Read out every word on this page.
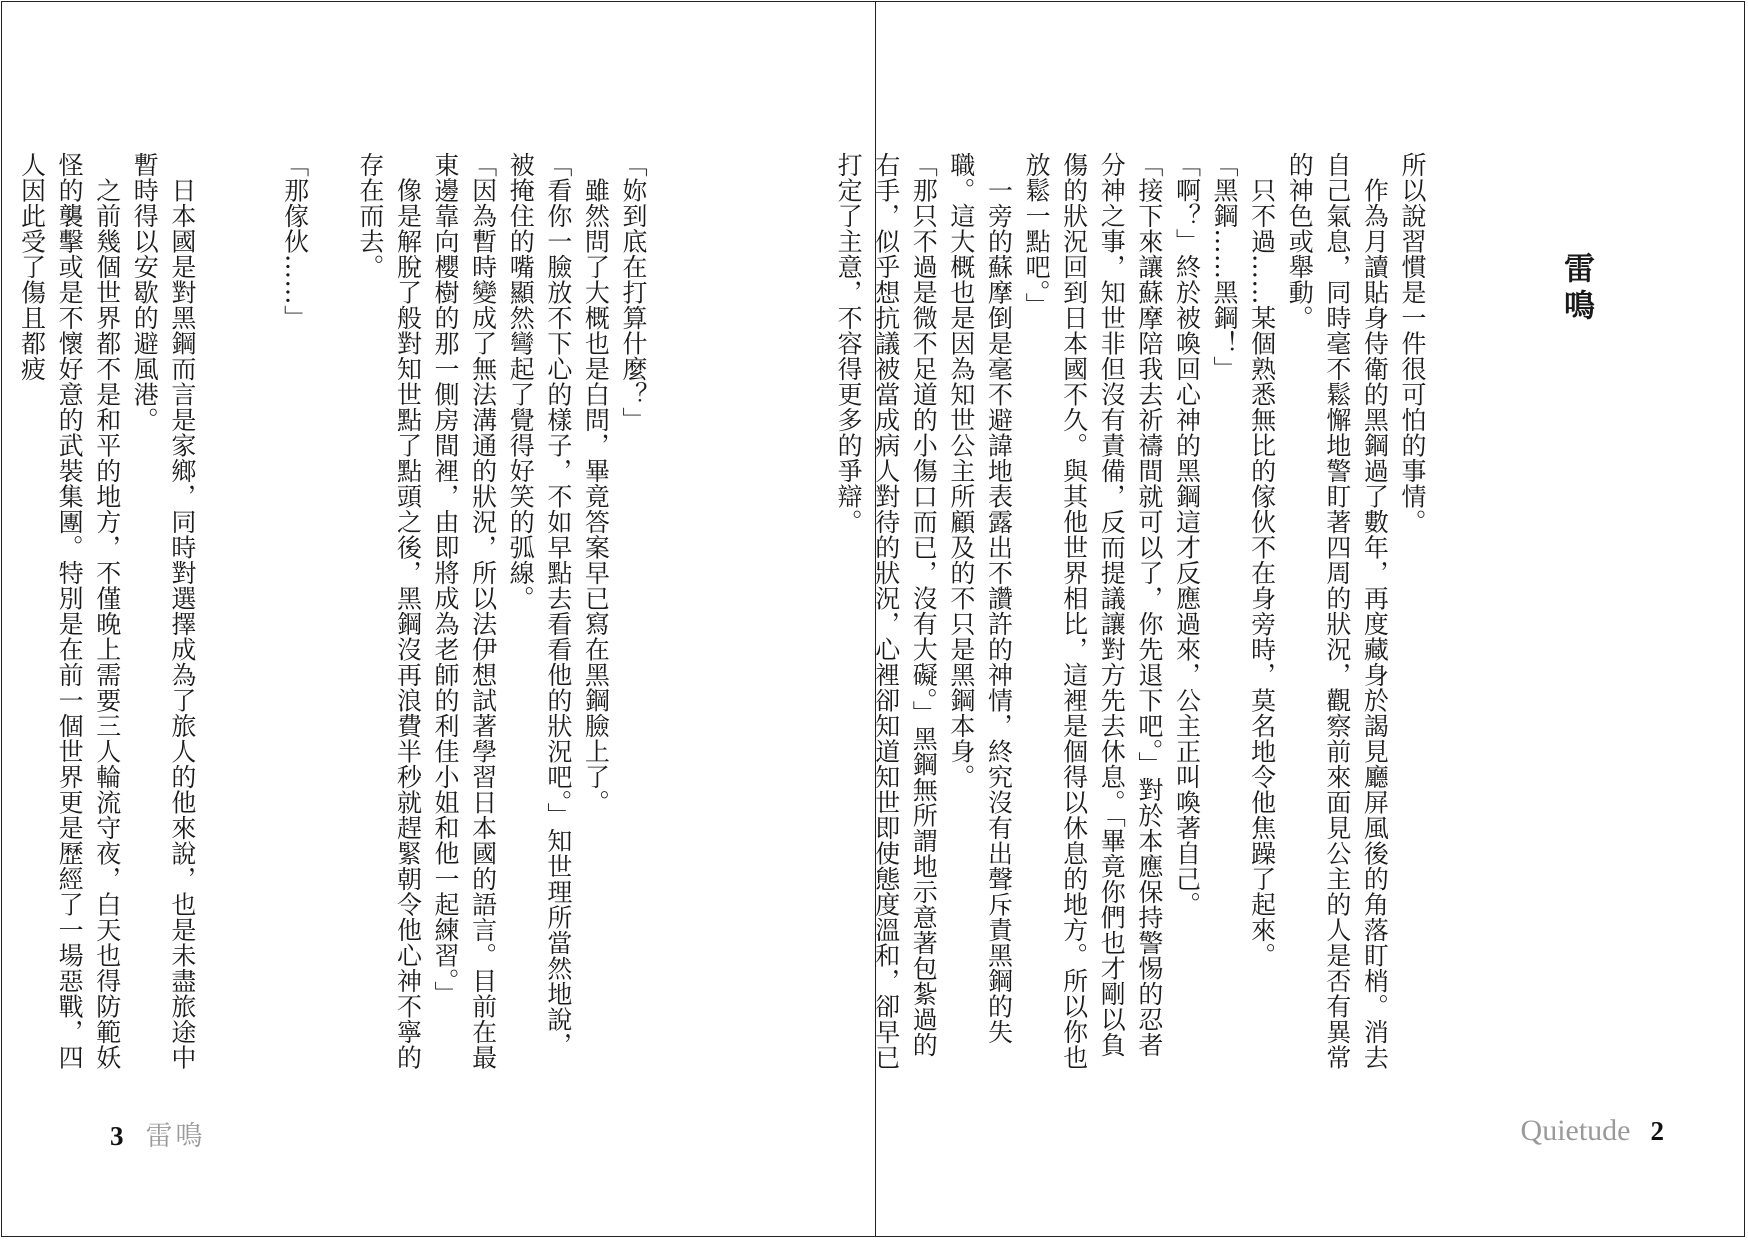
「妳到底在打算什麼？」
　雖然問了大概也是白問，畢竟答案早已寫在黑鋼臉上了。
「看你一臉放不下心的樣子，不如早點去看看他的狀況吧。」知世理所當然地說，被掩住的嘴顯然彎起了覺得好笑的弧線。
「因為暫時變成了無法溝通的狀況，所以法伊想試著學習日本國的語言。目前在最東邊靠向櫻樹的那一側房間裡，由即將成為老師的利佳小姐和他一起練習。」
　像是解脫了般對知世點了點頭之後，黑鋼沒再浪費半秒就趕緊朝令他心神不寧的存在而去。

「那傢伙……」

　日本國是對黑鋼而言是家鄉，同時對選擇成為了旅人的他來說，也是未盡旅途中暫時得以安歇的避風港。
　之前幾個世界都不是和平的地方，不僅晚上需要三人輪流守夜，白天也得防範妖怪的襲擊或是不懷好意的武裝集團。特別是在前一個世界更是歷經了一場惡戰，四人因此受了傷且都疲
3 雷鳴
雷鳴
所以說習慣是一件很可怕的事情。
　作為月讀貼身侍衛的黑鋼過了數年，再度藏身於謁見廳屏風後的角落盯梢。消去自己氣息，同時毫不鬆懈地警盯著四周的狀況，觀察前來面見公主的人是否有異常的神色或舉動。
　只不過……某個熟悉無比的傢伙不在身旁時，莫名地令他焦躁了起來。
「黑鋼……黑鋼！」
「啊？」終於被喚回心神的黑鋼這才反應過來，公主正叫喚著自己。
「接下來讓蘇摩陪我去祈禱間就可以了，你先退下吧。」對於本應保持警惕的忍者分神之事，知世非但沒有責備，反而提議讓對方先去休息。「畢竟你們也才剛以負傷的狀況回到日本國不久。與其他世界相比，這裡是個得以休息的地方。所以你也放鬆一點吧。」
　一旁的蘇摩倒是毫不避諱地表露出不讚許的神情，終究沒有出聲斥責黑鋼的失職。這大概也是因為知世公主所顧及的不只是黑鋼本身。
「那只不過是微不足道的小傷口而已，沒有大礙。」黑鋼無所謂地示意著包紮過的右手，似乎想抗議被當成病人對待的狀況，心裡卻知道知世即使態度溫和，卻早已打定了主意，不容得更多的爭辯。
Quietude 2
